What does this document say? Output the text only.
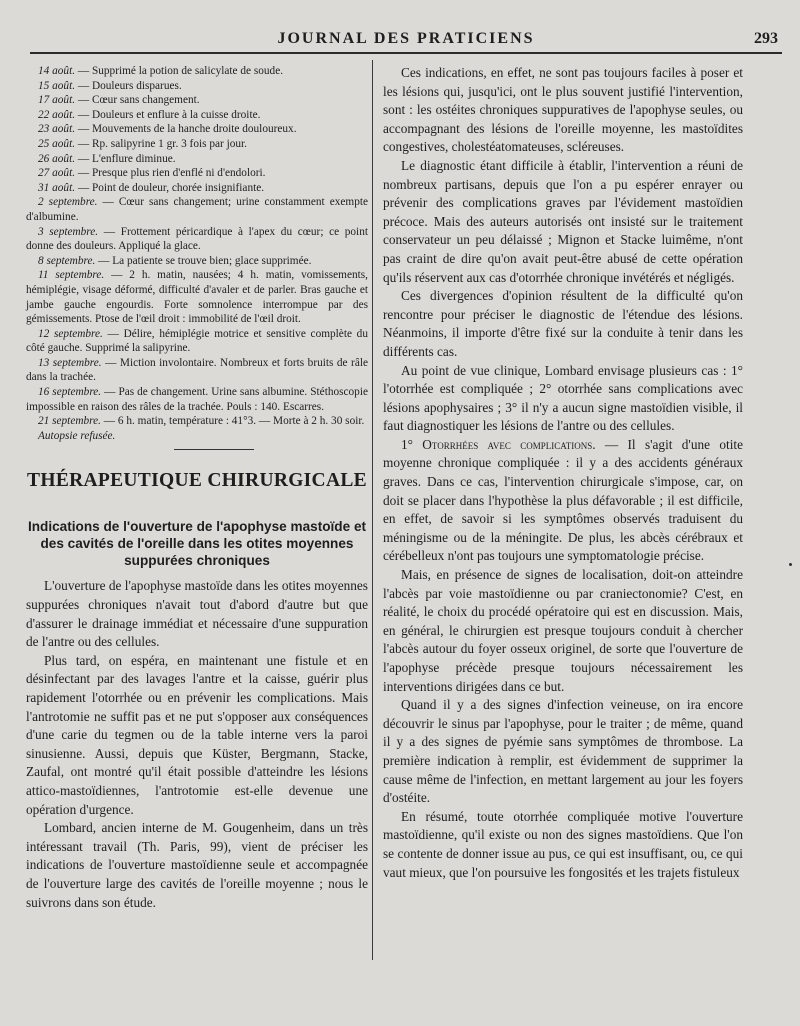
JOURNAL DES PRATICIENS	293

14 août. — Supprimé la potion de salicylate de soude.

15 août. — Douleurs disparues.

17 août. — Cœur sans changement.

22 août. — Douleurs et enflure à la cuisse droite.

23 août. — Mouvements de la hanche droite douloureux.

25 août. — Rp. salipyrine 1 gr. 3 fois par jour.

26 août. — L'enflure diminue.

27 août. — Presque plus rien d'enflé ni d'endolori.

31 août. — Point de douleur, chorée insignifiante.

2 septembre. — Cœur sans changement; urine constamment exempte d'albumine.

3 septembre. — Frottement péricardique à l'apex du cœur; ce point donne des douleurs. Appliqué la glace.

8 septembre. — La patiente se trouve bien; glace supprimée.

11 septembre. — 2 h. matin, nausées; 4 h. matin, vomissements, hémiplégie, visage déformé, difficulté d'avaler et de parler. Bras gauche et jambe gauche engourdis. Forte somnolence interrompue par des gémissements. Ptose de l'œil droit : immobilité de l'œil droit.

12 septembre. — Délire, hémiplégie motrice et sensitive complète du côté gauche. Supprimé la salipyrine.

13 septembre. — Miction involontaire. Nombreux et forts bruits de râle dans la trachée.

16 septembre. — Pas de changement. Urine sans albumine. Stéthoscopie impossible en raison des râles de la trachée. Pouls : 140. Escarres.

21 septembre. — 6 h. matin, température : 41°3. — Morte à 2 h. 30 soir.

Autopsie refusée.

THÉRAPEUTIQUE CHIRURGICALE
Indications de l'ouverture de l'apophyse mastoïde et des cavités de l'oreille dans les otites moyennes suppurées chroniques

L'ouverture de l'apophyse mastoïde dans les otites moyennes suppurées chroniques n'avait tout d'abord d'autre but que d'assurer le drainage immédiat et nécessaire d'une suppuration de l'antre ou des cellules.

Plus tard, on espéra, en maintenant une fistule et en désinfectant par des lavages l'antre et la caisse, guérir plus rapidement l'otorrhée ou en prévenir les complications. Mais l'antrotomie ne suffit pas et ne put s'opposer aux conséquences d'une carie du tegmen ou de la table interne vers la paroi sinusienne. Aussi, depuis que Küster, Bergmann, Stacke, Zaufal, ont montré qu'il était possible d'atteindre les lésions attico-mastoïdiennes, l'antrotomie est-elle devenue une opération d'urgence.

Lombard, ancien interne de M. Gougenheim, dans un très intéressant travail (Th. Paris, 99), vient de préciser les indications de l'ouverture mastoïdienne seule et accompagnée de l'ouverture large des cavités de l'oreille moyenne ; nous le suivrons dans son étude.

Ces indications, en effet, ne sont pas toujours faciles à poser et les lésions qui, jusqu'ici, ont le plus souvent justifié l'intervention, sont : les ostéites chroniques suppuratives de l'apophyse seules, ou accompagnant des lésions de l'oreille moyenne, les mastoïdites congestives, cholestéatomateuses, scléreuses.

Le diagnostic étant difficile à établir, l'intervention a réuni de nombreux partisans, depuis que l'on a pu espérer enrayer ou prévenir des complications graves par l'évidement mastoïdien précoce. Mais des auteurs autorisés ont insisté sur le traitement conservateur un peu délaissé ; Mignon et Stacke luimême, n'ont pas craint de dire qu'on avait peut-être abusé de cette opération qu'ils réservent aux cas d'otorrhée chronique invétérés et négligés.

Ces divergences d'opinion résultent de la difficulté qu'on rencontre pour préciser le diagnostic de l'étendue des lésions. Néanmoins, il importe d'être fixé sur la conduite à tenir dans les différents cas.

Au point de vue clinique, Lombard envisage plusieurs cas : 1° l'otorrhée est compliquée ; 2° otorrhée sans complications avec lésions apophysaires ; 3° il n'y a aucun signe mastoïdien visible, il faut diagnostiquer les lésions de l'antre ou des cellules.

1° Otorrhées avec complications. — Il s'agit d'une otite moyenne chronique compliquée : il y a des accidents généraux graves. Dans ce cas, l'intervention chirurgicale s'impose, car, on doit se placer dans l'hypothèse la plus défavorable ; il est difficile, en effet, de savoir si les symptômes observés traduisent du méningisme ou de la méningite. De plus, les abcès cérébraux et cérébelleux n'ont pas toujours une symptomatologie précise.

Mais, en présence de signes de localisation, doit-on atteindre l'abcès par voie mastoïdienne ou par craniectonomie? C'est, en réalité, le choix du procédé opératoire qui est en discussion. Mais, en général, le chirurgien est presque toujours conduit à chercher l'abcès autour du foyer osseux originel, de sorte que l'ouverture de l'apophyse précède presque toujours nécessairement les interventions dirigées dans ce but.

Quand il y a des signes d'infection veineuse, on ira encore découvrir le sinus par l'apophyse, pour le traiter ; de même, quand il y a des signes de pyémie sans symptômes de thrombose. La première indication à remplir, est évidemment de supprimer la cause même de l'infection, en mettant largement au jour les foyers d'ostéite.

En résumé, toute otorrhée compliquée motive l'ouverture mastoïdienne, qu'il existe ou non des signes mastoïdiens. Que l'on se contente de donner issue au pus, ce qui est insuffisant, ou, ce qui vaut mieux, que l'on poursuive les fongosités et les trajets fistuleux
